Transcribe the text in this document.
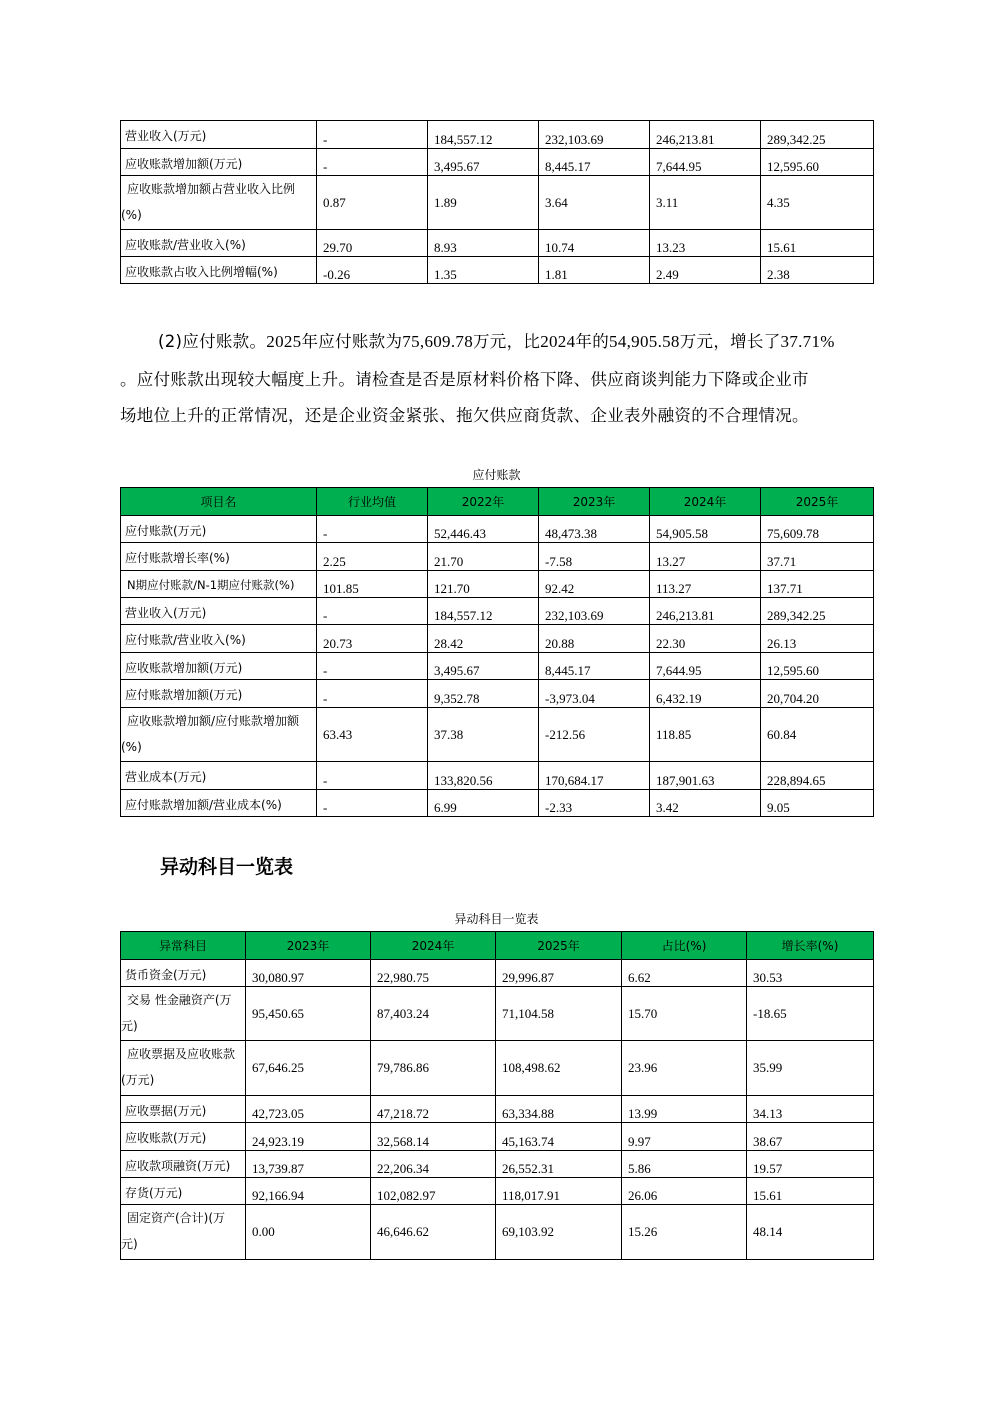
营业收入(万元)	-	184,557.12	232,103.69	246,213.81	289,342.25
应收账款增加额(万元)	-	3,495.67	8,445.17	7,644.95	12,595.60
应收账款增加额占营业收入比例(%)	0.87	1.89	3.64	3.11	4.35
应收账款/营业收入(%)	29.70	8.93	10.74	13.23	15.61
应收账款占收入比例增幅(%)	-0.26	1.35	1.81	2.49	2.38
(2)应付账款。2025年应付账款为75,609.78万元，比2024年的54,905.58万元，增长了37.71%
。应付账款出现较大幅度上升。请检查是否是原材料价格下降、供应商谈判能力下降或企业市
场地位上升的正常情况，还是企业资金紧张、拖欠供应商货款、企业表外融资的不合理情况。
应付账款
项目名	行业均值	2022年	2023年	2024年	2025年
应付账款(万元)	-	52,446.43	48,473.38	54,905.58	75,609.78
应付账款增长率(%)	2.25	21.70	-7.58	13.27	37.71
N期应付账款/N-1期应付账款(%)	101.85	121.70	92.42	113.27	137.71
营业收入(万元)	-	184,557.12	232,103.69	246,213.81	289,342.25
应付账款/营业收入(%)	20.73	28.42	20.88	22.30	26.13
应收账款增加额(万元)	-	3,495.67	8,445.17	7,644.95	12,595.60
应付账款增加额(万元)	-	9,352.78	-3,973.04	6,432.19	20,704.20
应收账款增加额/应付账款增加额(%)	63.43	37.38	-212.56	118.85	60.84
营业成本(万元)	-	133,820.56	170,684.17	187,901.63	228,894.65
应付账款增加额/营业成本(%)	-	6.99	-2.33	3.42	9.05
异动科目一览表
异动科目一览表
异常科目	2023年	2024年	2025年	占比(%)	增长率(%)
货币资金(万元)	30,080.97	22,980.75	29,996.87	6.62	30.53
交易 性金融资产(万元)	95,450.65	87,403.24	71,104.58	15.70	-18.65
应收票据及应收账款(万元)	67,646.25	79,786.86	108,498.62	23.96	35.99
应收票据(万元)	42,723.05	47,218.72	63,334.88	13.99	34.13
应收账款(万元)	24,923.19	32,568.14	45,163.74	9.97	38.67
应收款项融资(万元)	13,739.87	22,206.34	26,552.31	5.86	19.57
存货(万元)	92,166.94	102,082.97	118,017.91	26.06	15.61
固定资产(合计)(万元)	0.00	46,646.62	69,103.92	15.26	48.14
